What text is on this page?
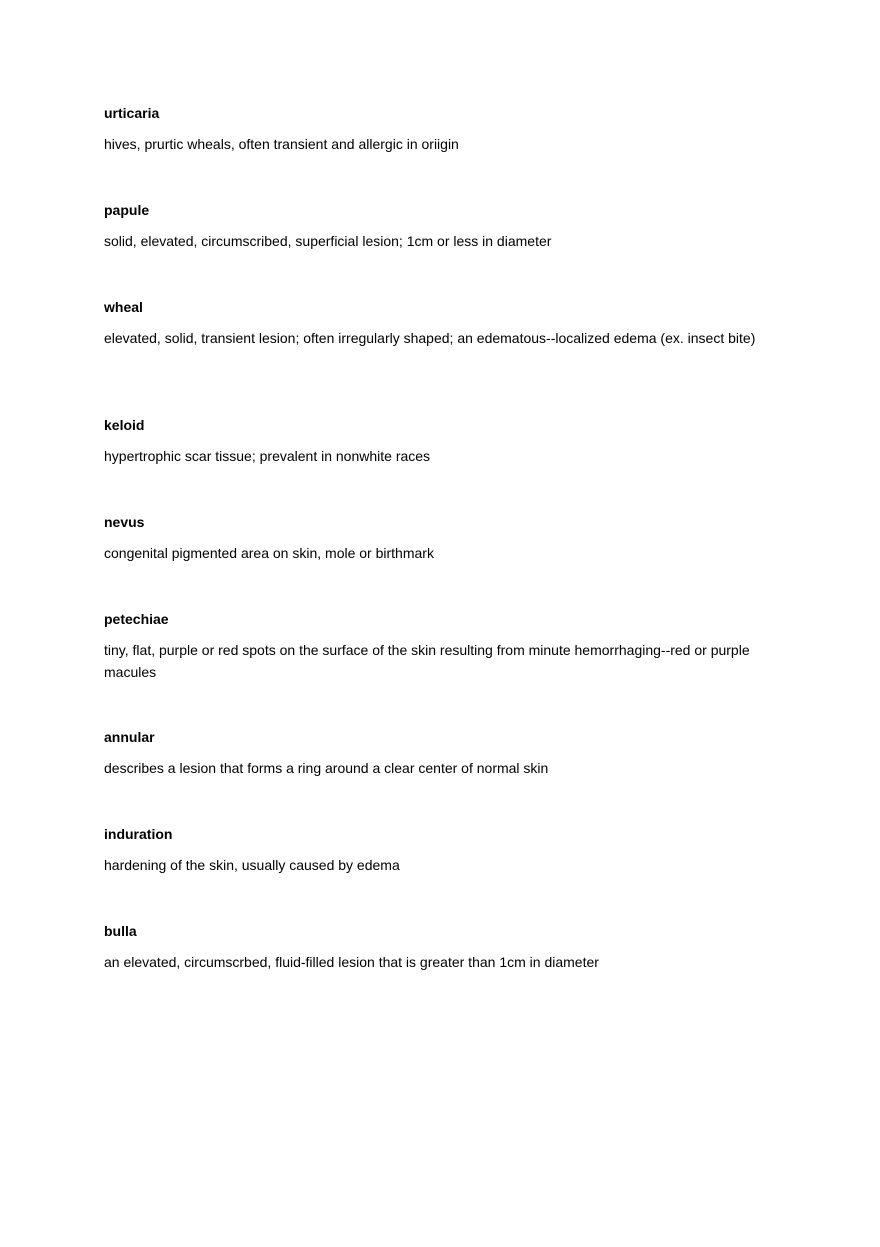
urticaria

hives, prurtic wheals, often transient and allergic in oriigin

papule

solid, elevated, circumscribed, superficial lesion; 1cm or less in diameter

wheal

elevated, solid, transient lesion; often irregularly shaped; an edematous--localized edema (ex. insect bite)

keloid

hypertrophic scar tissue; prevalent in nonwhite races

nevus

congenital pigmented area on skin, mole or birthmark

petechiae

tiny, flat, purple or red spots on the surface of the skin resulting from minute hemorrhaging--red or purple macules

annular

describes a lesion that forms a ring around a clear center of normal skin

induration

hardening of the skin, usually caused by edema

bulla

an elevated, circumscrbed, fluid-filled lesion that is greater than 1cm in diameter
